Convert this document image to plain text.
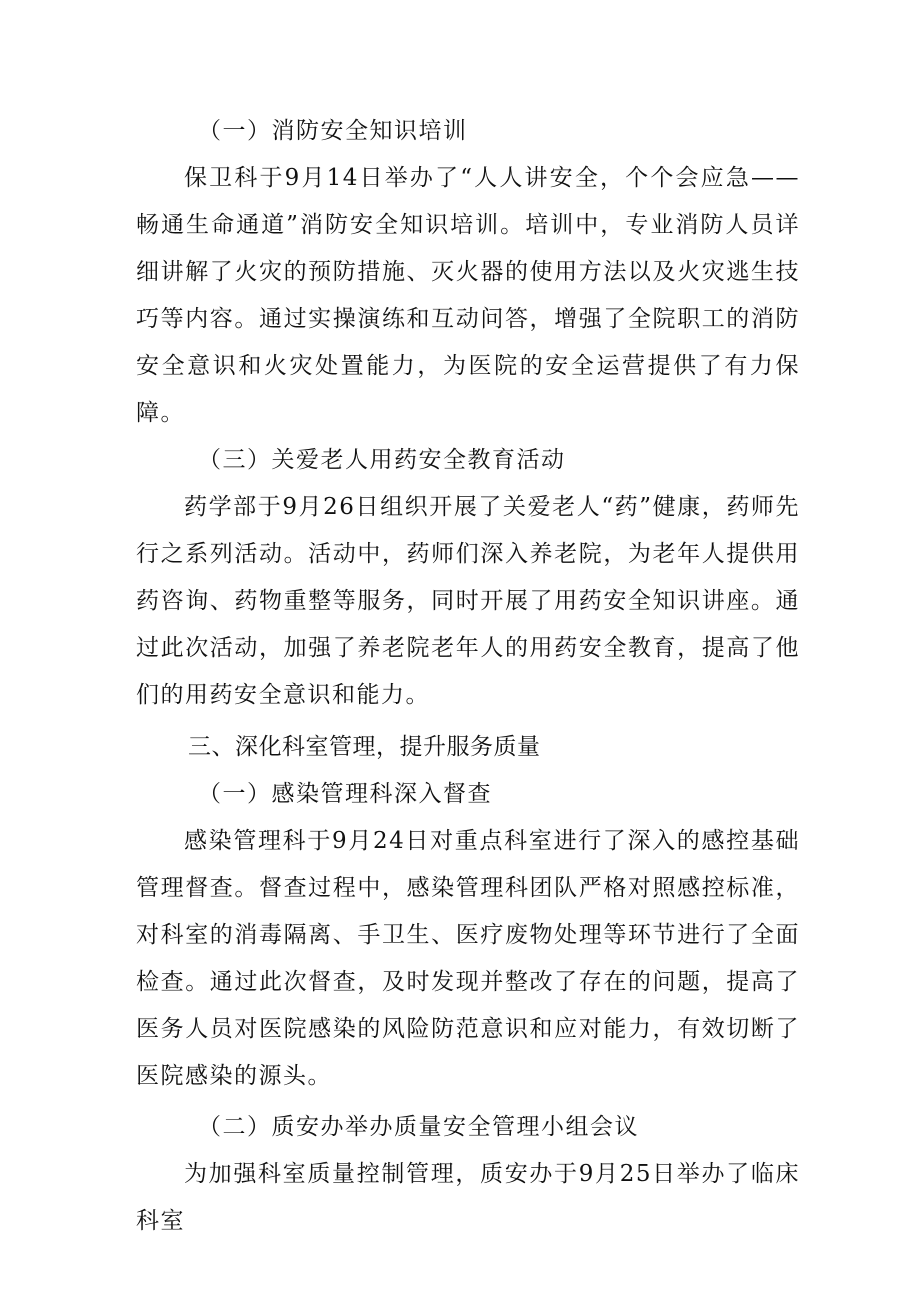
（一）消防安全知识培训

保卫科于9月14日举办了“人人讲安全，个个会应急——畅通生命通道”消防安全知识培训。培训中，专业消防人员详细讲解了火灾的预防措施、灭火器的使用方法以及火灾逃生技巧等内容。通过实操演练和互动问答，增强了全院职工的消防安全意识和火灾处置能力，为医院的安全运营提供了有力保障。

（三）关爱老人用药安全教育活动

药学部于9月26日组织开展了关爱老人“药”健康，药师先行之系列活动。活动中，药师们深入养老院，为老年人提供用药咨询、药物重整等服务，同时开展了用药安全知识讲座。通过此次活动，加强了养老院老年人的用药安全教育，提高了他们的用药安全意识和能力。

三、深化科室管理，提升服务质量

（一）感染管理科深入督查

感染管理科于9月24日对重点科室进行了深入的感控基础管理督查。督查过程中，感染管理科团队严格对照感控标准，对科室的消毒隔离、手卫生、医疗废物处理等环节进行了全面检查。通过此次督查，及时发现并整改了存在的问题，提高了医务人员对医院感染的风险防范意识和应对能力，有效切断了医院感染的源头。

（二）质安办举办质量安全管理小组会议

为加强科室质量控制管理，质安办于9月25日举办了临床科室
